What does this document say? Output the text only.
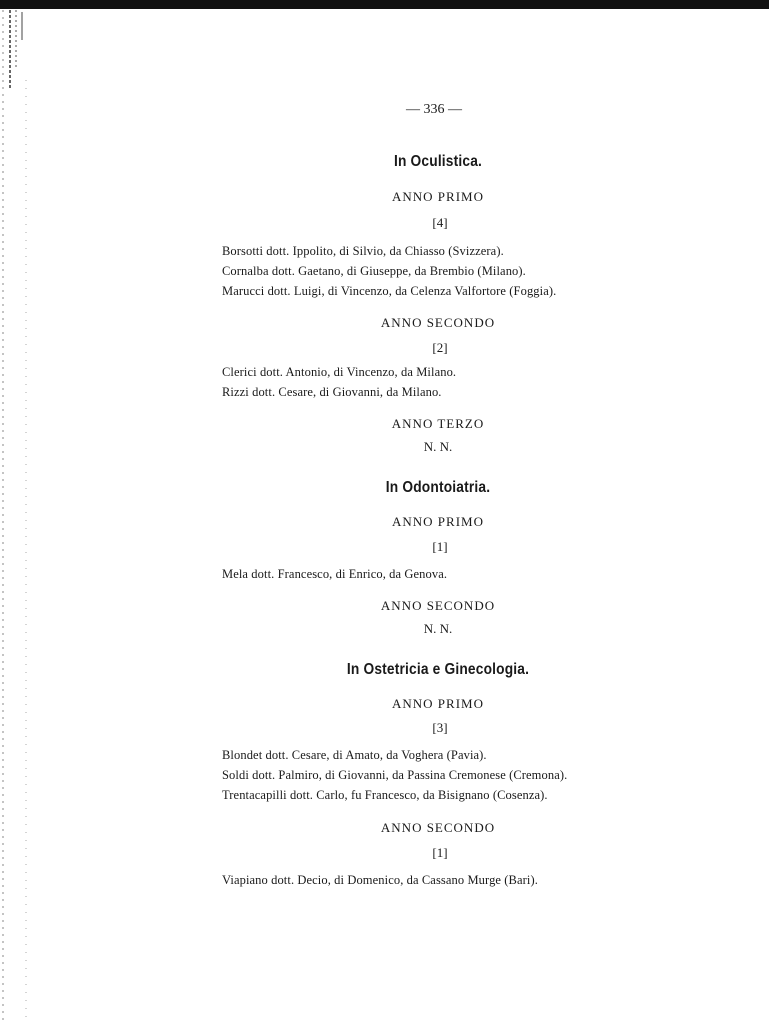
— 336 —

In Oculistica.

ANNO PRIMO

[4]

Borsotti dott. Ippolito, di Silvio, da Chiasso (Svizzera).

Cornalba dott. Gaetano, di Giuseppe, da Brembio (Milano).

Marucci dott. Luigi, di Vincenzo, da Celenza Valfortore (Foggia).

ANNO SECONDO

[2]

Clerici dott. Antonio, di Vincenzo, da Milano.

Rizzi dott. Cesare, di Giovanni, da Milano.

ANNO TERZO

N. N.

In Odontoiatria.

ANNO PRIMO

[1]

Mela dott. Francesco, di Enrico, da Genova.

ANNO SECONDO

N. N.

In Ostetricia e Ginecologia.

ANNO PRIMO

[3]

Blondet dott. Cesare, di Amato, da Voghera (Pavia).

Soldi dott. Palmiro, di Giovanni, da Passina Cremonese (Cremona).

Trentacapilli dott. Carlo, fu Francesco, da Bisignano (Cosenza).

ANNO SECONDO

[1]

Viapiano dott. Decio, di Domenico, da Cassano Murge (Bari).
